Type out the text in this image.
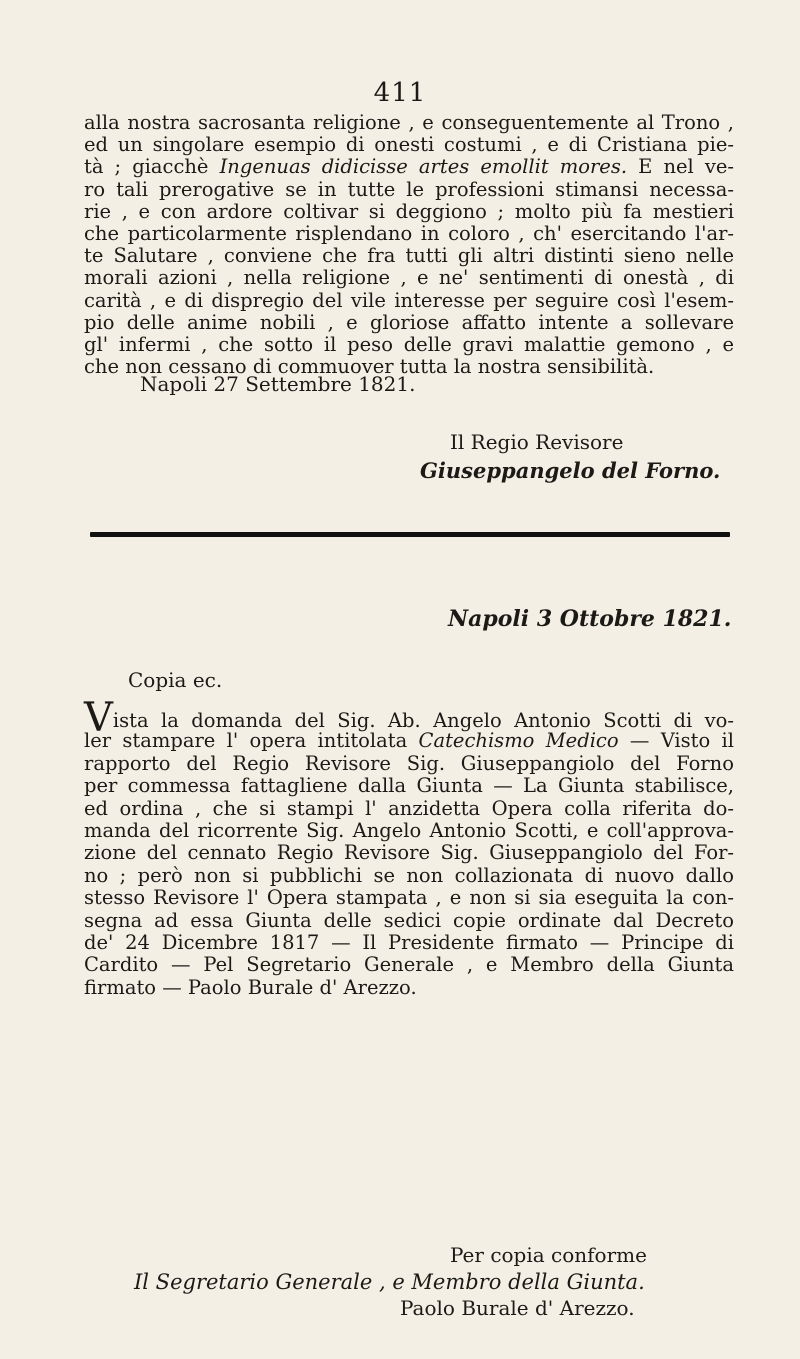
411
alla nostra sacrosanta religione , e conseguentemente al Trono ,
ed un singolare esempio di onesti costumi , e di Cristiana pie-
tà ; giacchè Ingenuas didicisse artes emollit mores. E nel ve-
ro tali prerogative se in tutte le professioni stimansi necessa-
rie , e con ardore coltivar si deggiono ; molto più fa mestieri
che particolarmente risplendano in coloro , ch' esercitando l'ar-
te Salutare , conviene che fra tutti gli altri distinti sieno nelle
morali azioni , nella religione , e ne' sentimenti di onestà , di
carità , e di dispregio del vile interesse per seguire così l'esem-
pio delle anime nobili , e gloriose affatto intente a sollevare
gl' infermi , che sotto il peso delle gravi malattie gemono , e
che non cessano di commuover tutta la nostra sensibilità.
Napoli 27 Settembre 1821.
Il Regio Revisore
Giuseppangelo del Forno.
Napoli 3 Ottobre 1821.
Copia ec.
Vista la domanda del Sig. Ab. Angelo Antonio Scotti di vo-
ler stampare l' opera intitolata Catechismo Medico — Visto il
rapporto del Regio Revisore Sig. Giuseppangiolo del Forno
per commessa fattagliene dalla Giunta — La Giunta stabilisce,
ed ordina , che si stampi l' anzidetta Opera colla riferita do-
manda del ricorrente Sig. Angelo Antonio Scotti, e coll'approva-
zione del cennato Regio Revisore Sig. Giuseppangiolo del For-
no ; però non si pubblichi se non collazionata di nuovo dallo
stesso Revisore l' Opera stampata , e non si sia eseguita la con-
segna ad essa Giunta delle sedici copie ordinate dal Decreto
de' 24 Dicembre 1817 — Il Presidente firmato — Principe di
Cardito — Pel Segretario Generale , e Membro della Giunta
firmato — Paolo Burale d' Arezzo.
Per copia conforme
Il Segretario Generale , e Membro della Giunta.
Paolo Burale d' Arezzo.
